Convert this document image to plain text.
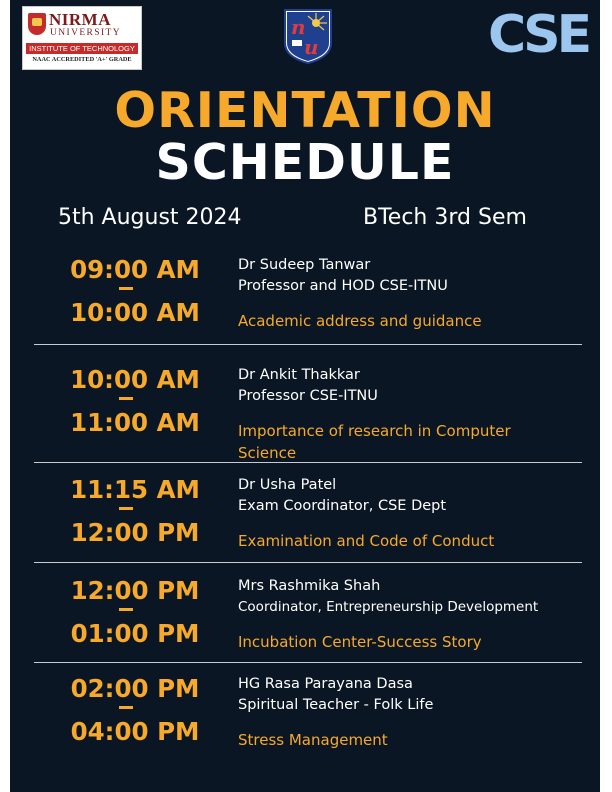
NIRMA
UNIVERSITY
INSTITUTE OF TECHNOLOGY
NAAC ACCREDITED 'A+' GRADE
n
u	CSE
ORIENTATION
SCHEDULE
5th August 2024	BTech 3rd Sem
09:00 AM
10:00 AM
Dr Sudeep Tanwar
Professor and HOD CSE-ITNU
Academic address and guidance
10:00 AM
11:00 AM
Dr Ankit Thakkar
Professor CSE-ITNU
Importance of research in Computer Science
11:15 AM
12:00 PM
Dr Usha Patel
Exam Coordinator, CSE Dept
Examination and Code of Conduct
12:00 PM
01:00 PM
Mrs Rashmika Shah
Coordinator, Entrepreneurship Development
Incubation Center-Success Story
02:00 PM
04:00 PM
HG Rasa Parayana Dasa
Spiritual Teacher - Folk Life
Stress Management
